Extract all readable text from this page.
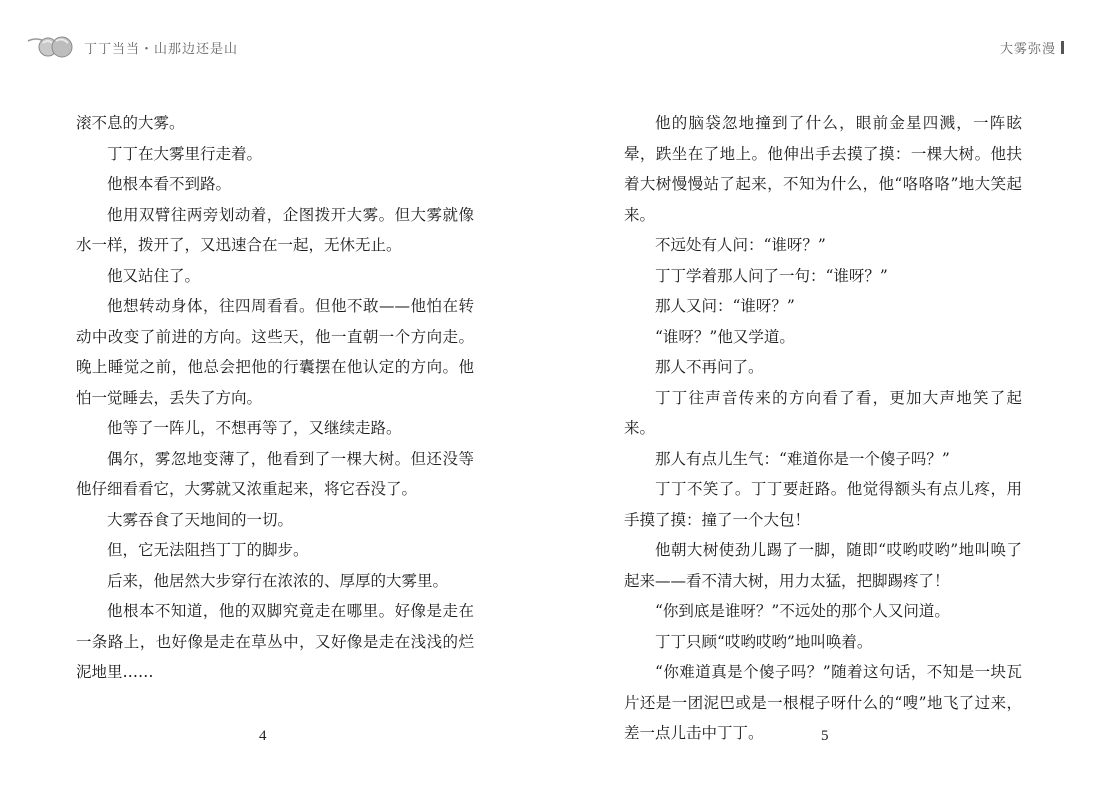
丁丁当当・山那边还是山	大雾弥漫

滚不息的大雾。

丁丁在大雾里行走着。

他根本看不到路。

他用双臂往两旁划动着，企图拨开大雾。但大雾就像水一样，拨开了，又迅速合在一起，无休无止。

他又站住了。

他想转动身体，往四周看看。但他不敢——他怕在转动中改变了前进的方向。这些天，他一直朝一个方向走。晚上睡觉之前，他总会把他的行囊摆在他认定的方向。他怕一觉睡去，丢失了方向。

他等了一阵儿，不想再等了，又继续走路。

偶尔，雾忽地变薄了，他看到了一棵大树。但还没等他仔细看看它，大雾就又浓重起来，将它吞没了。

大雾吞食了天地间的一切。

但，它无法阻挡丁丁的脚步。

后来，他居然大步穿行在浓浓的、厚厚的大雾里。

他根本不知道，他的双脚究竟走在哪里。好像是走在一条路上，也好像是走在草丛中，又好像是走在浅浅的烂泥地里……

他的脑袋忽地撞到了什么，眼前金星四溅，一阵眩晕，跌坐在了地上。他伸出手去摸了摸：一棵大树。他扶着大树慢慢站了起来，不知为什么，他“咯咯咯”地大笑起来。

不远处有人问：“谁呀？”

丁丁学着那人问了一句：“谁呀？”

那人又问：“谁呀？”

“谁呀？”他又学道。

那人不再问了。

丁丁往声音传来的方向看了看，更加大声地笑了起来。

那人有点儿生气：“难道你是一个傻子吗？”

丁丁不笑了。丁丁要赶路。他觉得额头有点儿疼，用手摸了摸：撞了一个大包！

他朝大树使劲儿踢了一脚，随即“哎哟哎哟”地叫唤了起来——看不清大树，用力太猛，把脚踢疼了！

“你到底是谁呀？”不远处的那个人又问道。

丁丁只顾“哎哟哎哟”地叫唤着。

“你难道真是个傻子吗？”随着这句话，不知是一块瓦片还是一团泥巴或是一根棍子呀什么的“嗖”地飞了过来，差一点儿击中丁丁。

4	5
